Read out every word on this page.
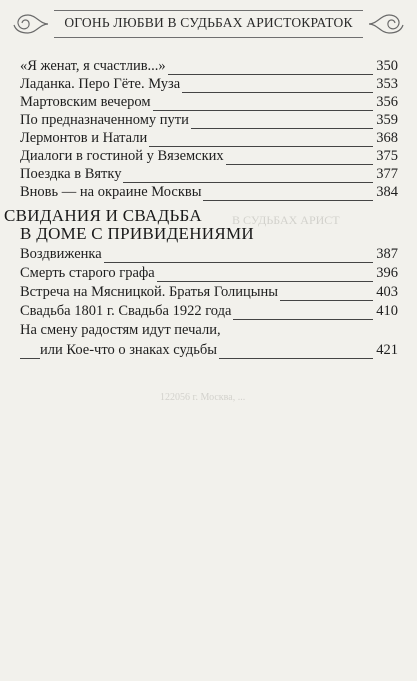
ОГОНЬ ЛЮБВИ В СУДЬБАХ АРИСТОКРАТОК
В СУДЬБАХ АРИСТ
122056 г. Москва, ...
«Я женат, я счастлив...»	350
Ладанка. Перо Гёте. Муза	353
Мартовским вечером	356
По предназначенному пути	359
Лермонтов и Натали	368
Диалоги в гостиной у Вяземских	375
Поездка в Вятку	377
Вновь — на окраине Москвы	384
СВИДАНИЯ И СВАДЬБА
В ДОМЕ С ПРИВИДЕНИЯМИ
Воздвиженка	387
Смерть старого графа	396
Встреча на Мясницкой. Братья Голицыны	403
Свадьба 1801 г. Свадьба 1922 года	410
На смену радостям идут печали,
или Кое-что о знаках судьбы	421
